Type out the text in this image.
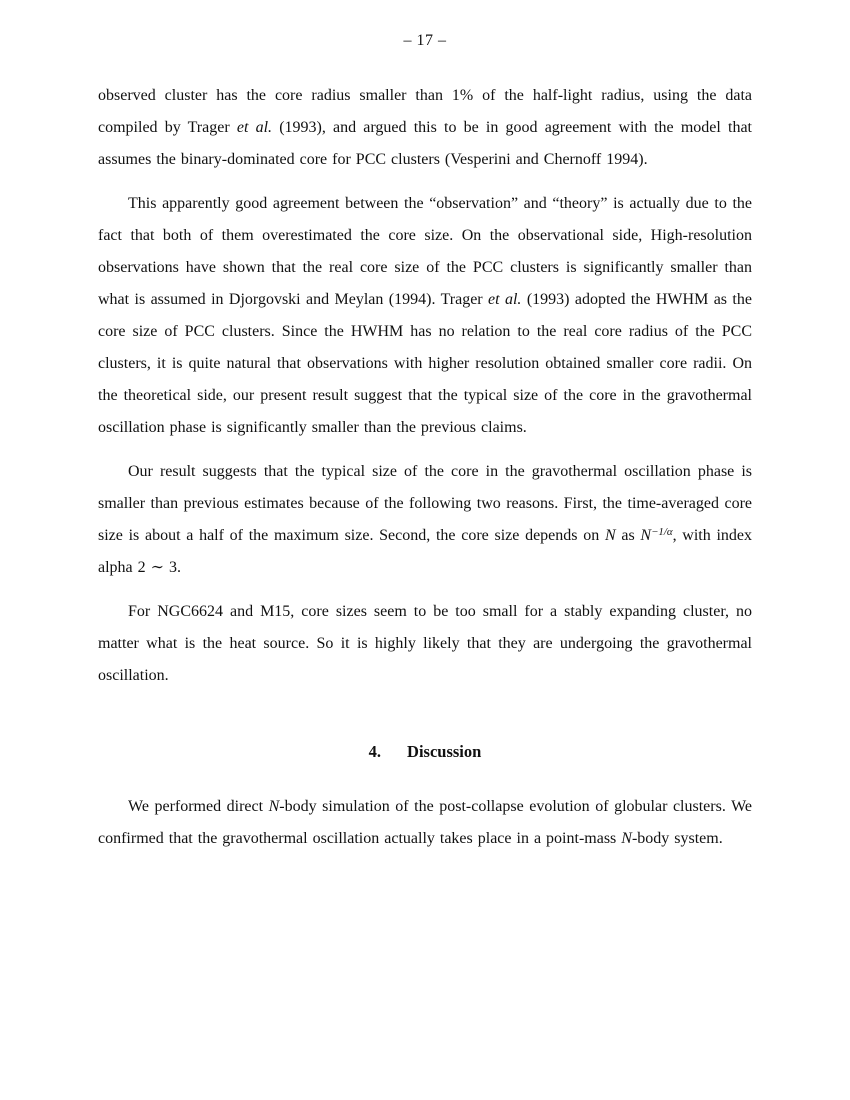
– 17 –

observed cluster has the core radius smaller than 1% of the half-light radius, using the data compiled by Trager et al. (1993), and argued this to be in good agreement with the model that assumes the binary-dominated core for PCC clusters (Vesperini and Chernoff 1994).

This apparently good agreement between the “observation” and “theory” is actually due to the fact that both of them overestimated the core size. On the observational side, High-resolution observations have shown that the real core size of the PCC clusters is significantly smaller than what is assumed in Djorgovski and Meylan (1994). Trager et al. (1993) adopted the HWHM as the core size of PCC clusters. Since the HWHM has no relation to the real core radius of the PCC clusters, it is quite natural that observations with higher resolution obtained smaller core radii. On the theoretical side, our present result suggest that the typical size of the core in the gravothermal oscillation phase is significantly smaller than the previous claims.

Our result suggests that the typical size of the core in the gravothermal oscillation phase is smaller than previous estimates because of the following two reasons. First, the time-averaged core size is about a half of the maximum size. Second, the core size depends on N as $N^{-1/\alpha}$, with index alpha 2 ∼ 3.

For NGC6624 and M15, core sizes seem to be too small for a stably expanding cluster, no matter what is the heat source. So it is highly likely that they are undergoing the gravothermal oscillation.

4. Discussion

We performed direct N-body simulation of the post-collapse evolution of globular clusters. We confirmed that the gravothermal oscillation actually takes place in a point-mass N-body system.
